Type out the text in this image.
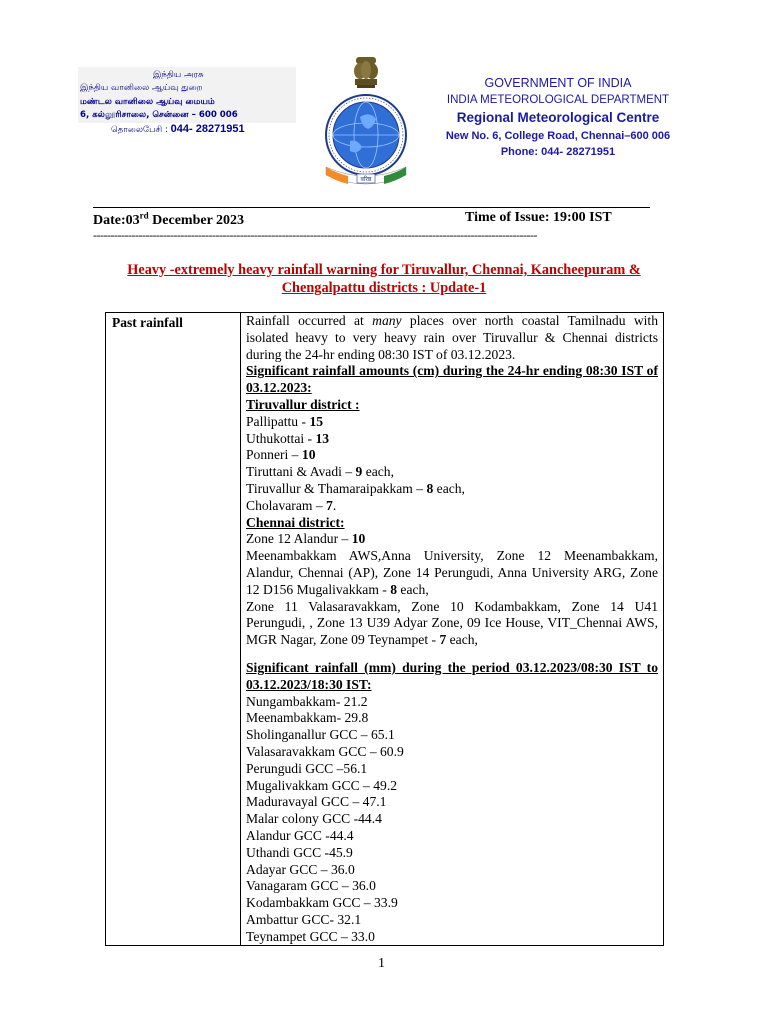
இந்திய அரசு
இந்திய வானிலை ஆய்வு துறை
மண்டல வானிலை ஆய்வு மையம்
6, கல்லூரிசாலை, சென்னை – 600 006
தொலைபேசி : 044- 28271951
वरिष्ठ
GOVERNMENT OF INDIA
INDIA METEOROLOGICAL DEPARTMENT
Regional Meteorological Centre
New No. 6, College Road, Chennai–600 006
Phone: 044- 28271951
Date:03rd December 2023	Time of Issue: 19:00 IST
-------------------------------------------------------------------------------------------------------------------------------
Heavy -extremely heavy rainfall warning for Tiruvallur, Chennai, Kancheepuram &
Chengalpattu districts : Update-1
Past rainfall	Rainfall occurred at many places over north coastal Tamilnadu with isolated heavy to very heavy rain over Tiruvallur & Chennai districts during the 24-hr ending 08:30 IST of 03.12.2023.
Significant rainfall amounts (cm) during the 24-hr ending 08:30 IST of 03.12.2023:
Tiruvallur district :
Pallipattu - 15
Uthukottai - 13
Ponneri – 10
Tiruttani & Avadi – 9 each,
Tiruvallur & Thamaraipakkam – 8 each,
Cholavaram – 7.
Chennai district:
Zone 12 Alandur – 10
Meenambakkam AWS,Anna University, Zone 12 Meenambakkam, Alandur, Chennai (AP), Zone 14 Perungudi, Anna University ARG, Zone 12 D156 Mugalivakkam - 8 each,
Zone 11 Valasaravakkam, Zone 10 Kodambakkam, Zone 14 U41 Perungudi, , Zone 13 U39 Adyar Zone, 09 Ice House, VIT_Chennai AWS, MGR Nagar, Zone 09 Teynampet - 7 each,
Significant rainfall (mm) during the period 03.12.2023/08:30 IST to 03.12.2023/18:30 IST:
Nungambakkam- 21.2
Meenambakkam- 29.8
Sholinganallur GCC – 65.1
Valasaravakkam GCC – 60.9
Perungudi GCC –56.1
Mugalivakkam GCC – 49.2
Maduravayal GCC – 47.1
Malar colony GCC -44.4
Alandur GCC -44.4
Uthandi GCC -45.9
Adayar GCC – 36.0
Vanagaram GCC – 36.0
Kodambakkam GCC – 33.9
Ambattur GCC- 32.1
Teynampet GCC – 33.0
1
